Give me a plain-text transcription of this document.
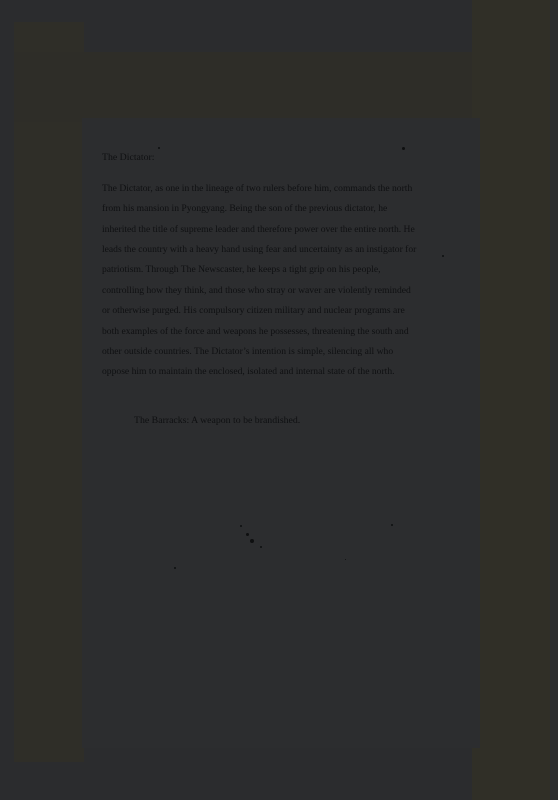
The Dictator:

The Dictator, as one in the lineage of two rulers before him, commands the north from his mansion in Pyongyang. Being the son of the previous dictator, he inherited the title of supreme leader and therefore power over the entire north. He leads the country with a heavy hand using fear and uncertainty as an instigator for patriotism. Through The Newscaster, he keeps a tight grip on his people, controlling how they think, and those who stray or waver are violently reminded or otherwise purged. His compulsory citizen military and nuclear programs are both examples of the force and weapons he possesses, threatening the south and other outside countries. The Dictator’s intention is simple, silencing all who oppose him to maintain the enclosed, isolated and internal state of the north.

The Barracks: A weapon to be brandished.
